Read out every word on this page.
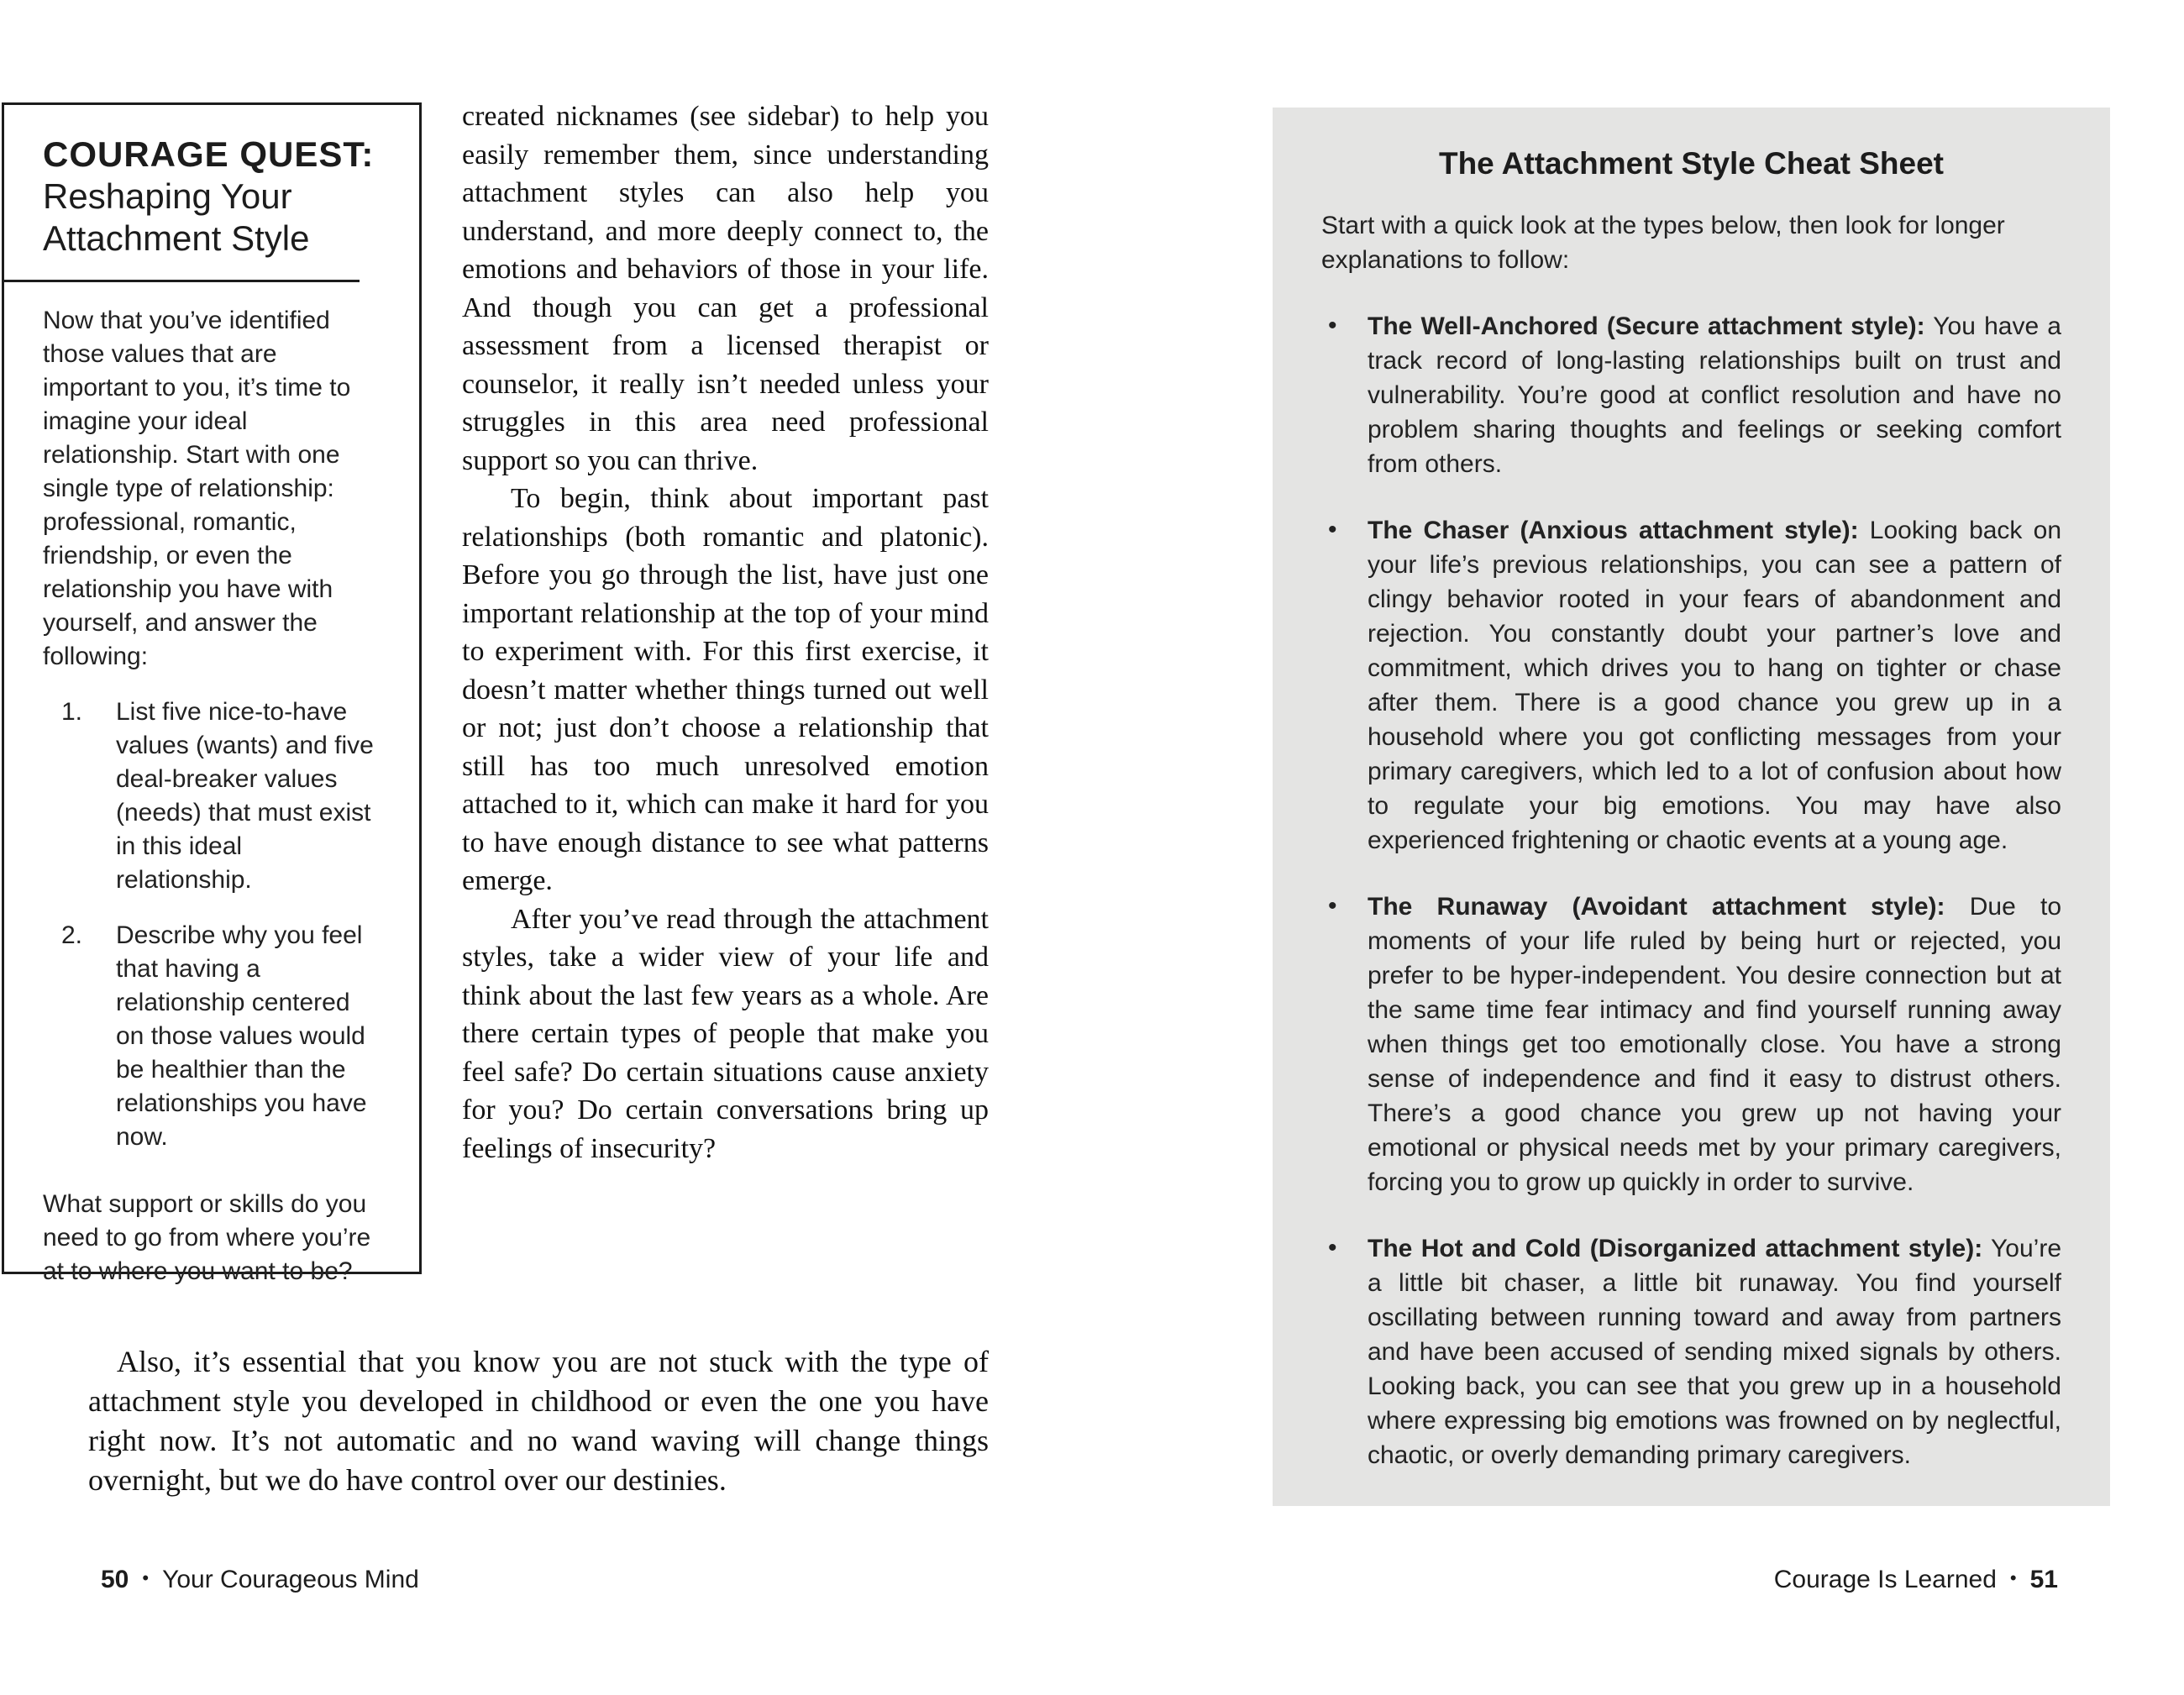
COURAGE QUEST:
Reshaping Your Attachment Style

Now that you’ve identified those values that are important to you, it’s time to imagine your ideal relationship. Start with one single type of relationship: professional, romantic, friendship, or even the relationship you have with yourself, and answer the following:

1. List five nice-to-have values (wants) and five deal-breaker values (needs) that must exist in this ideal relationship.
2. Describe why you feel that having a relationship centered on those values would be healthier than the relationships you have now.

What support or skills do you need to go from where you’re at to where you want to be?

created nicknames (see sidebar) to help you easily remember them, since understanding attachment styles can also help you understand, and more deeply connect to, the emotions and behaviors of those in your life. And though you can get a professional assessment from a licensed therapist or counselor, it really isn’t needed unless your struggles in this area need professional support so you can thrive.

To begin, think about important past relationships (both romantic and platonic). Before you go through the list, have just one important relationship at the top of your mind to experiment with. For this first exercise, it doesn’t matter whether things turned out well or not; just don’t choose a relationship that still has too much unresolved emotion attached to it, which can make it hard for you to have enough distance to see what patterns emerge.

After you’ve read through the attachment styles, take a wider view of your life and think about the last few years as a whole. Are there certain types of people that make you feel safe? Do certain situations cause anxiety for you? Do certain conversations bring up feelings of insecurity?

Also, it’s essential that you know you are not stuck with the type of attachment style you developed in childhood or even the one you have right now. It’s not automatic and no wand waving will change things overnight, but we do have control over our destinies.

The Attachment Style Cheat Sheet

Start with a quick look at the types below, then look for longer explanations to follow:

• The Well-Anchored (Secure attachment style): You have a track record of long-lasting relationships built on trust and vulnerability. You’re good at conflict resolution and have no problem sharing thoughts and feelings or seeking comfort from others.
• The Chaser (Anxious attachment style): Looking back on your life’s previous relationships, you can see a pattern of clingy behavior rooted in your fears of abandonment and rejection. You constantly doubt your partner’s love and commitment, which drives you to hang on tighter or chase after them. There is a good chance you grew up in a household where you got conflicting messages from your primary caregivers, which led to a lot of confusion about how to regulate your big emotions. You may have also experienced frightening or chaotic events at a young age.
• The Runaway (Avoidant attachment style): Due to moments of your life ruled by being hurt or rejected, you prefer to be hyper-independent. You desire connection but at the same time fear intimacy and find yourself running away when things get too emotionally close. You have a strong sense of independence and find it easy to distrust others. There’s a good chance you grew up not having your emotional or physical needs met by your primary caregivers, forcing you to grow up quickly in order to survive.
• The Hot and Cold (Disorganized attachment style): You’re a little bit chaser, a little bit runaway. You find yourself oscillating between running toward and away from partners and have been accused of sending mixed signals by others. Looking back, you can see that you grew up in a household where expressing big emotions was frowned on by neglectful, chaotic, or overly demanding primary caregivers.
50 • Your Courageous Mind	Courage Is Learned • 51
